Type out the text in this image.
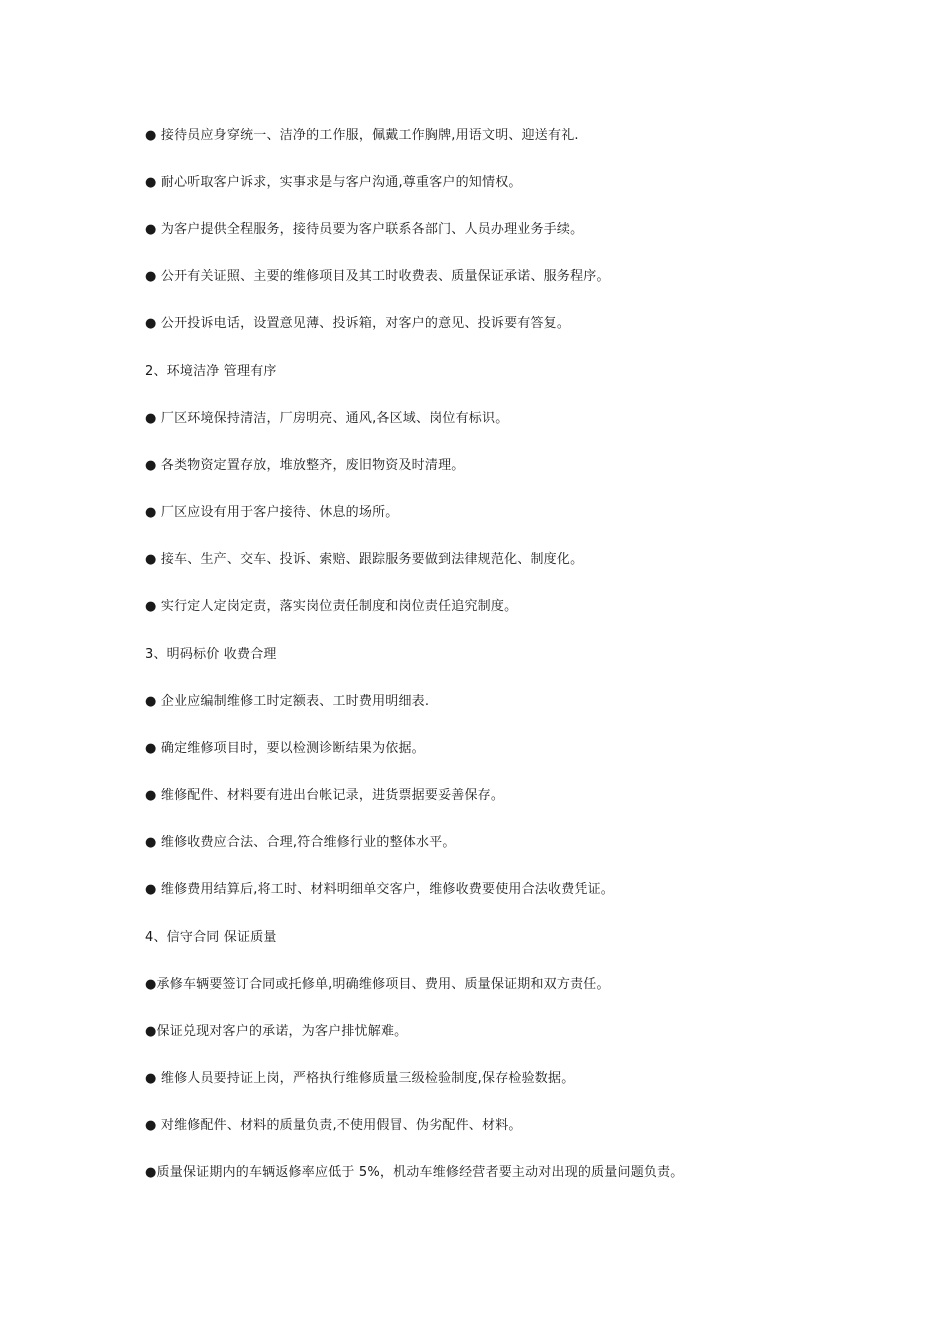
● 接待员应身穿统一、洁净的工作服，佩戴工作胸牌,用语文明、迎送有礼.
● 耐心听取客户诉求，实事求是与客户沟通,尊重客户的知情权。
● 为客户提供全程服务，接待员要为客户联系各部门、人员办理业务手续。
● 公开有关证照、主要的维修项目及其工时收费表、质量保证承诺、服务程序。
● 公开投诉电话，设置意见薄、投诉箱，对客户的意见、投诉要有答复。
2、环境洁净 管理有序
● 厂区环境保持清洁，厂房明亮、通风,各区域、岗位有标识。
● 各类物资定置存放，堆放整齐，废旧物资及时清理。
● 厂区应设有用于客户接待、休息的场所。
● 接车、生产、交车、投诉、索赔、跟踪服务要做到法律规范化、制度化。
● 实行定人定岗定责，落实岗位责任制度和岗位责任追究制度。
3、明码标价 收费合理
● 企业应编制维修工时定额表、工时费用明细表.
● 确定维修项目时，要以检测诊断结果为依据。
● 维修配件、材料要有进出台帐记录，进货票据要妥善保存。
● 维修收费应合法、合理,符合维修行业的整体水平。
● 维修费用结算后,将工时、材料明细单交客户，维修收费要使用合法收费凭证。
4、信守合同 保证质量
●承修车辆要签订合同或托修单,明确维修项目、费用、质量保证期和双方责任。
●保证兑现对客户的承诺，为客户排忧解难。
● 维修人员要持证上岗，严格执行维修质量三级检验制度,保存检验数据。
● 对维修配件、材料的质量负责,不使用假冒、伪劣配件、材料。
●质量保证期内的车辆返修率应低于 5%，机动车维修经营者要主动对出现的质量问题负责。
